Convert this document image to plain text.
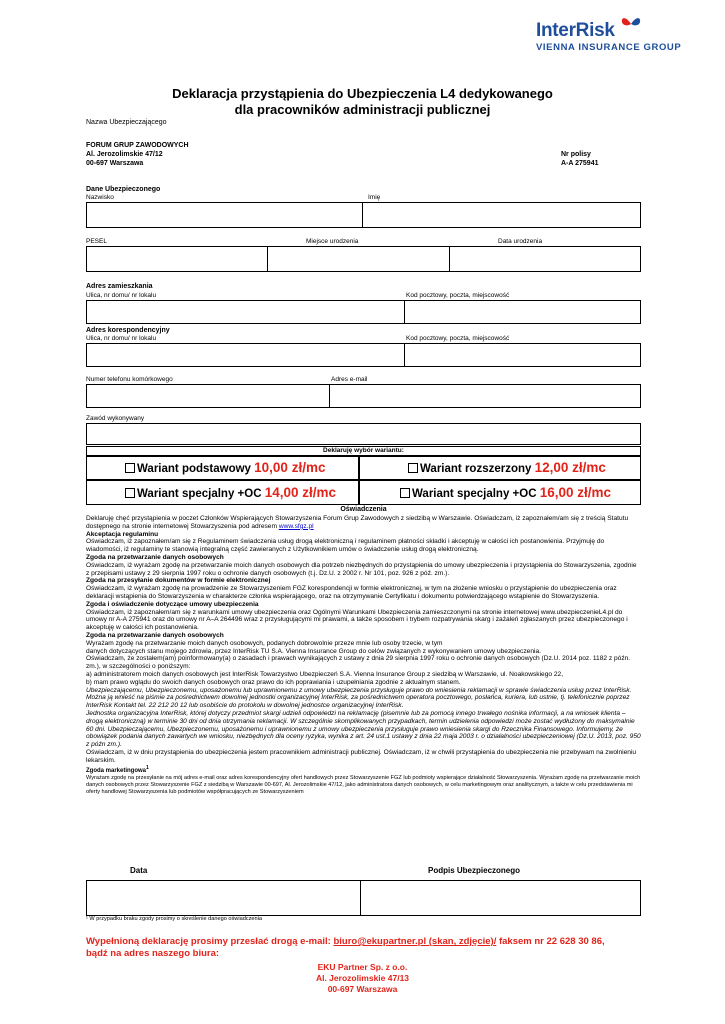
InterRisk
VIENNA INSURANCE GROUP
Deklaracja przystąpienia do Ubezpieczenia L4 dedykowanego
dla pracowników administracji publicznej
Nazwa Ubezpieczającego
FORUM GRUP ZAWODOWYCH
Al. Jerozolimskie 47/12
00-697 Warszawa
Nr polisy
A-A 275941
Dane Ubezpieczonego
Nazwisko	Imię
PESEL	Miejsce urodzenia	Data urodzenia
Adres zamieszkania
Ulica, nr domu/ nr lokalu	Kod pocztowy, poczta, miejscowość
Adres korespondencyjny
Ulica, nr domu/ nr lokalu	Kod pocztowy, poczta, miejscowość
Numer telefonu komórkowego	Adres e-mail
Zawód wykonywany
Deklaruję wybór wariantu:
Wariant podstawowy 10,00 zł/mc	Wariant rozszerzony 12,00 zł/mc
Wariant specjalny +OC 14,00 zł/mc	Wariant specjalny +OC 16,00 zł/mc
Oświadczenia

Deklaruję chęć przystąpienia w poczet Członków Wspierających Stowarzyszenia Forum Grup Zawodowych z siedzibą w Warszawie. Oświadczam, iż zapoznałem/am się z treścią Statutu dostępnego na stronie internetowej Stowarzyszenia pod adresem www.sfgz.pl

Akceptacja regulaminu

Oświadczam, iż zapoznałem/am się z Regulaminem świadczenia usług drogą elektroniczną i regulaminem płatności składki i akceptuję w całości ich postanowienia. Przyjmuję do wiadomości, iż regulaminy te stanowią integralną część zawieranych z Użytkownikiem umów o świadczenie usług drogą elektroniczną.

Zgoda na przetwarzanie danych osobowych

Oświadczam, iż wyrażam zgodę na przetwarzanie moich danych osobowych dla potrzeb niezbędnych do przystąpienia do umowy ubezpieczenia i przystąpienia do Stowarzyszenia, zgodnie z przepisami ustawy z 29 sierpnia 1997 roku o ochronie danych osobowych (t.j. Dz.U. z 2002 r. Nr 101, poz. 926 z póź. zm.).

Zgoda na przesyłanie dokumentów w formie elektronicznej

Oświadczam, iż wyrażam zgodę na prowadzenie ze Stowarzyszeniem FGZ korespondencji w formie elektronicznej, w tym na złożenie wniosku o przystąpienie do ubezpieczenia oraz deklaracji wstąpienia do Stowarzyszenia w charakterze członka wspierającego, oraz na otrzymywanie Certyfikatu i dokumentu potwierdzającego wstąpienie do Stowarzyszenia.

Zgoda i oświadczenie dotyczące umowy ubezpieczenia

Oświadczam, iż zapoznałem/am się z warunkami umowy ubezpieczenia oraz Ogólnymi Warunkami Ubezpieczenia zamieszczonymi na stronie internetowej www.ubezpieczenieL4.pl do umowy nr A-A 275941 oraz do umowy nr A–A 264496 wraz z przysługującymi mi prawami, a także sposobem i trybem rozpatrywania skarg i zażaleń zgłaszanych przez ubezpieczonego i akceptuję w całości ich postanowienia.

Zgoda na przetwarzanie danych osobowych

Wyrażam zgodę na przetwarzanie moich danych osobowych, podanych dobrowolnie przeze mnie lub osoby trzecie, w tym

danych dotyczących stanu mojego zdrowia, przez InterRisk TU S.A. Vienna Insurance Group do celów związanych z wykonywaniem umowy ubezpieczenia.

Oświadczam, że zostałem(am) poinformowany(a) o zasadach i prawach wynikających z ustawy z dnia 29 sierpnia 1997 roku o ochronie danych osobowych (Dz.U. 2014 poz. 1182 z późn. zm.), w szczególności o poniższym:

a) administratorem moich danych osobowych jest InterRisk Towarzystwo Ubezpieczeń S.A. Vienna Insurance Group z siedzibą w Warszawie, ul. Noakowskiego 22,

b) mam prawo wglądu do swoich danych osobowych oraz prawo do ich poprawiania i uzupełniania zgodnie z aktualnym stanem.

Ubezpieczającemu, Ubezpieczonemu, uposażonemu lub uprawnionemu z umowy ubezpieczenia przysługuje prawo do wniesienia reklamacji w sprawie świadczenia usług przez InterRisk. Można ją wnieść na piśmie za pośrednictwem dowolnej jednostki organizacyjnej InterRisk, za pośrednictwem operatora pocztowego, posłańca, kuriera, lub ustnie, tj. telefonicznie poprzez InterRisk Kontakt tel. 22 212 20 12 lub osobiście do protokołu w dowolnej jednostce organizacyjnej InterRisk.

Jednostka organizacyjna InterRisk, której dotyczy przedmiot skargi udzieli odpowiedzi na reklamację (pisemnie lub za pomocą innego trwałego nośnika informacji, a na wniosek klienta – drogą elektroniczną) w terminie 30 dni od dnia otrzymania reklamacji. W szczególnie skomplikowanych przypadkach, termin udzielenia odpowiedzi może zostać wydłużony do maksymalnie 60 dni. Ubezpieczającemu, Ubezpieczonemu, uposażonemu i uprawnionemu z umowy ubezpieczenia przysługuje prawo wniesienia skargi do Rzecznika Finansowego. Informujemy, że obowiązek podania danych zawartych we wniosku, niezbędnych dla oceny ryzyka, wynika z art. 24 ust.1 ustawy z dnia 22 maja 2003 r. o działalności ubezpieczeniowej (Dz.U. 2013, poz. 950 z późn zm.).

Oświadczam, iż w dniu przystąpienia do ubezpieczenia jestem pracownikiem administracji publicznej. Oświadczam, iż w chwili przystąpienia do ubezpieczenia nie przebywam na zwolnieniu lekarskim.

Zgoda marketingowa$^1$

Wyrażam zgodę na przesyłanie na mój adres e-mail oraz adres korespondencyjny ofert handlowych przez Stowarzyszenie FGZ lub podmioty wspierające działalność Stowarzyszenia. Wyrażam zgodę na przetwarzanie moich danych osobowych przez Stowarzyszenie FGZ z siedzibą w Warszawie 00-697, Al. Jerozolimskie 47/12, jako administratora danych osobowych, w celu marketingowym oraz analitycznym, a także w celu przedstawienia mi oferty handlowej Stowarzyszenia lub podmiotów współpracujących ze Stowarzyszeniem

Data	Podpis Ubezpieczonego
¹ W przypadku braku zgody prosimy o skreślenie danego oświadczenia
Wypełnioną deklarację prosimy przesłać drogą e-mail: biuro@ekupartner.pl (skan, zdjęcie)/ faksem nr 22 628 30 86,
bądź na adres naszego biura:
EKU Partner Sp. z o.o.
Al. Jerozolimskie 47/13
00-697 Warszawa
